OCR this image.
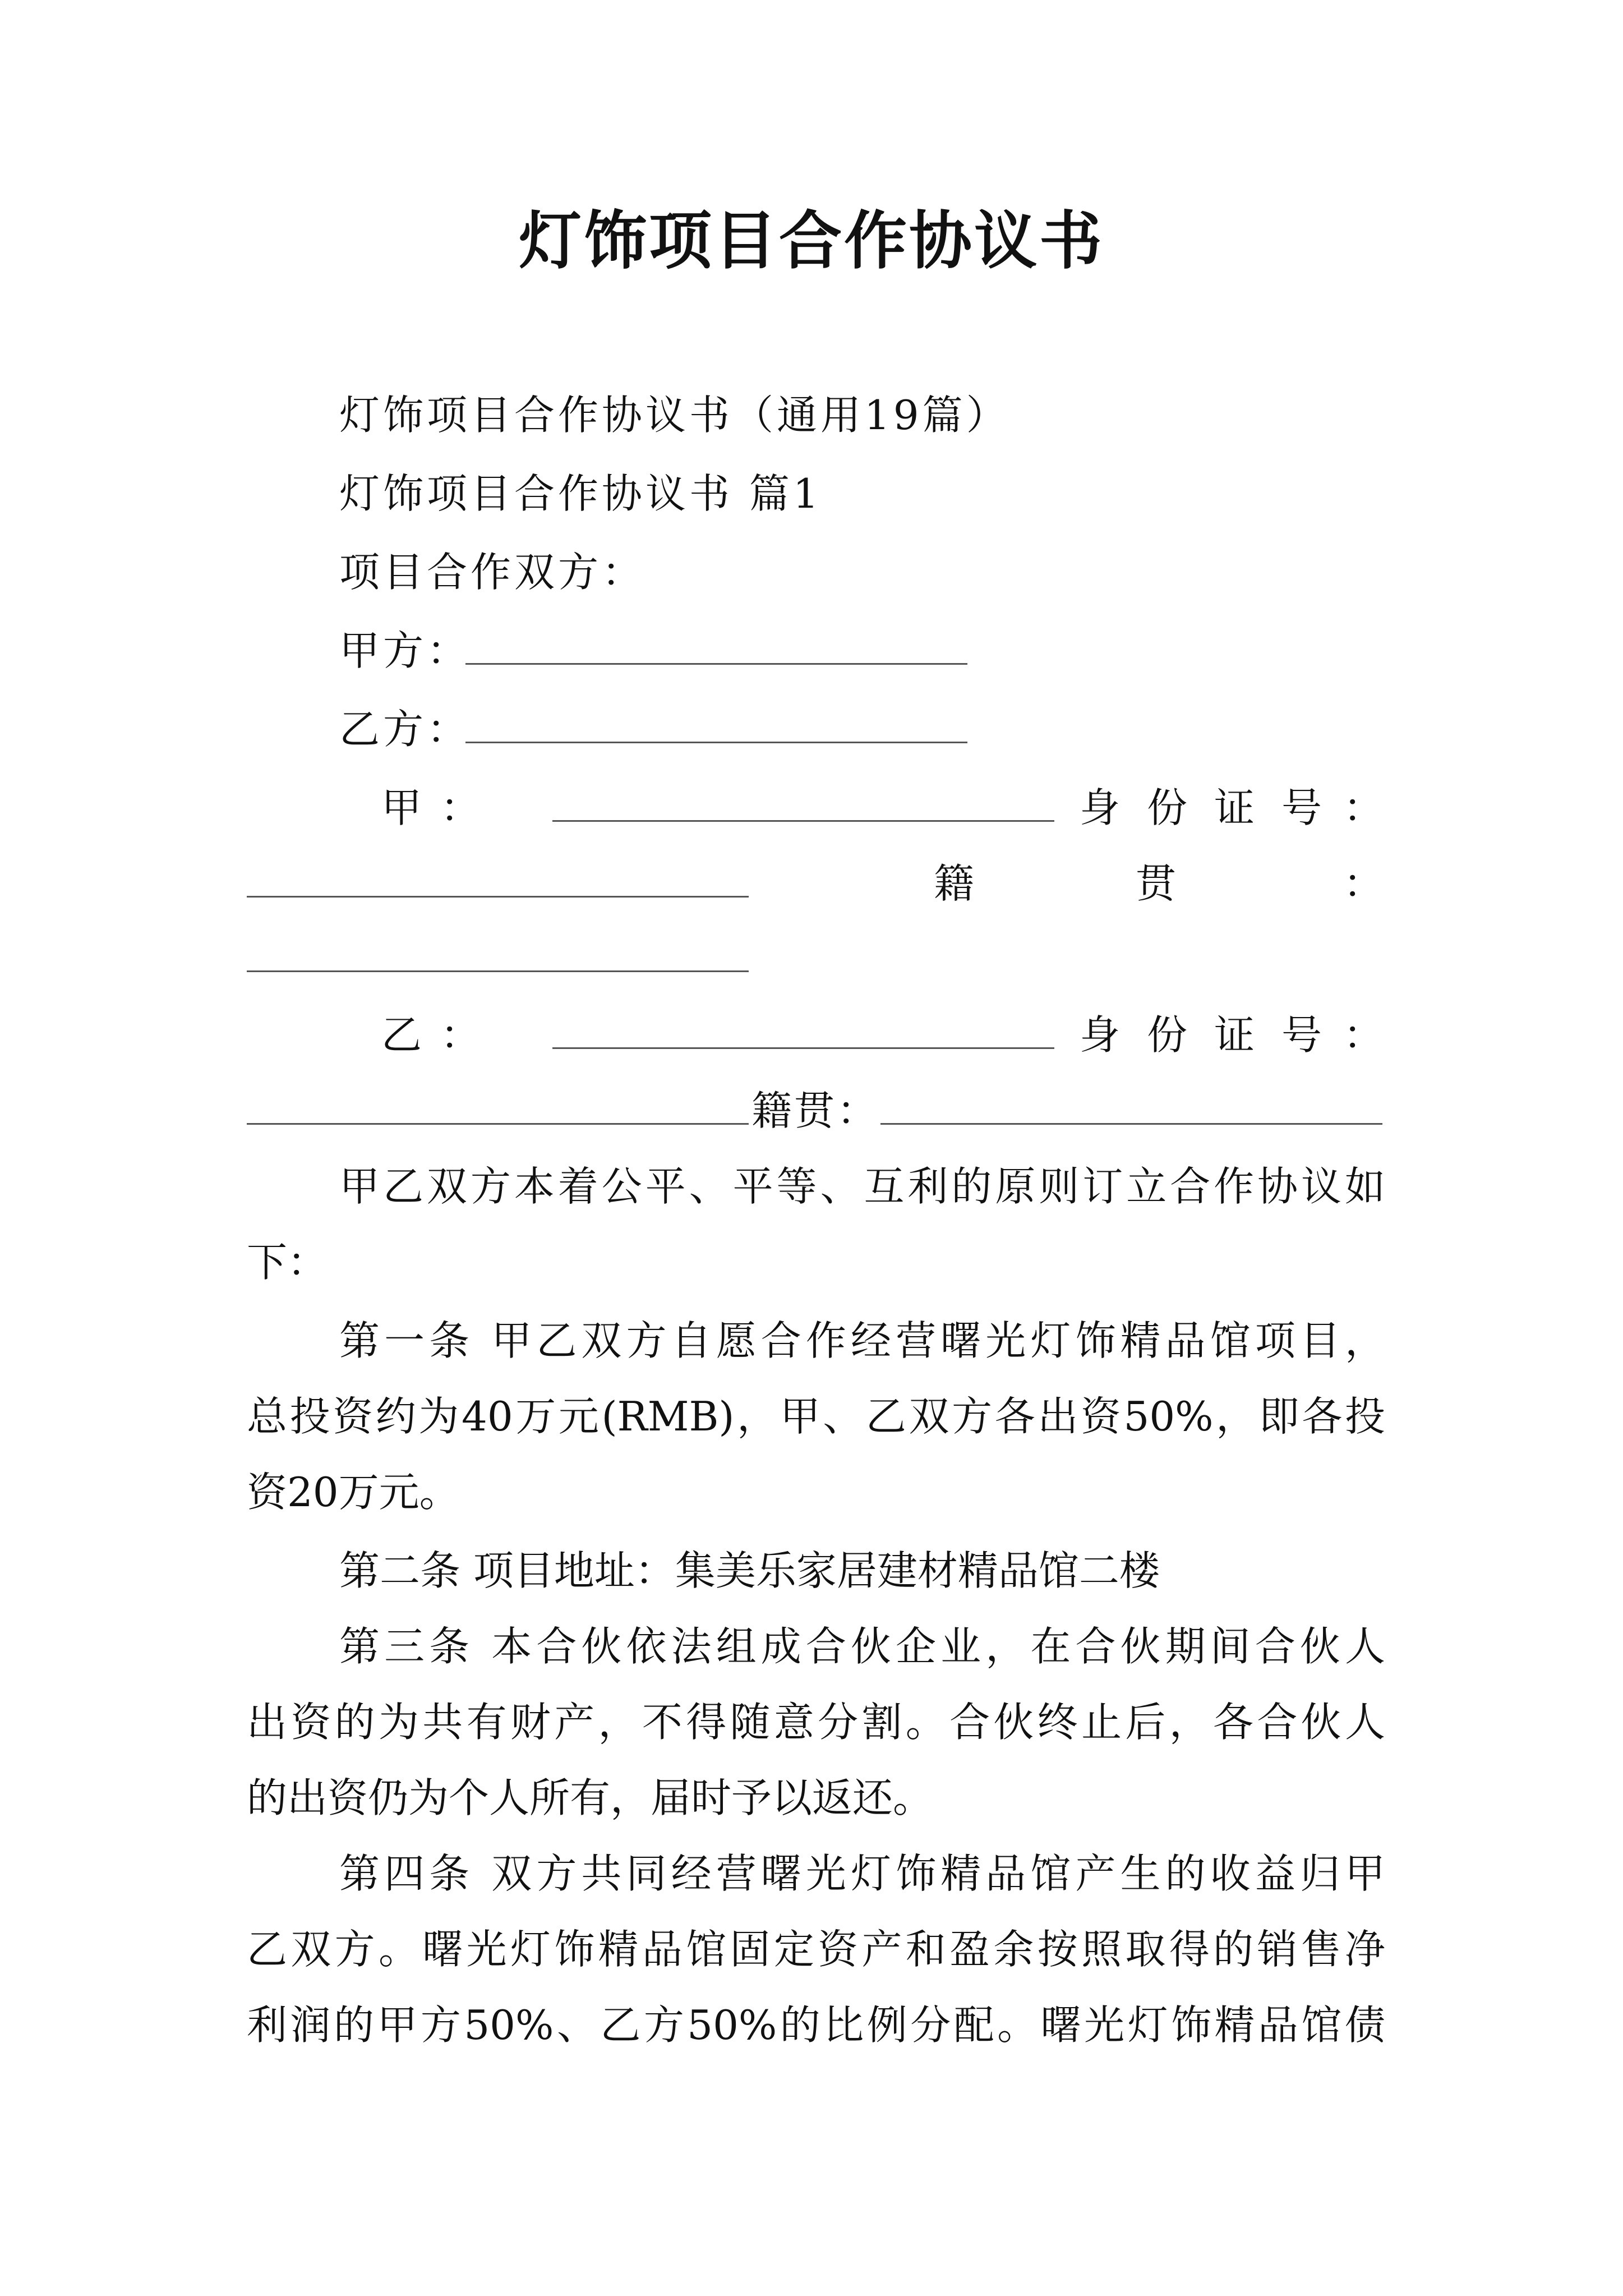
灯饰项目合作协议书
灯饰项目合作协议书（通用19篇）
灯饰项目合作协议书 篇1
项目合作双方：
甲方：
乙方：
甲 ：	身 份 证 号 ：
籍	贯	：
乙 ：	身 份 证 号 ：
籍贯：
甲乙双方本着公平、平等、互利的原则订立合作协议如
下：
第一条 甲乙双方自愿合作经营曙光灯饰精品馆项目，
总投资约为40万元(RMB)，甲、乙双方各出资50%，即各投
资20万元。
第二条 项目地址：集美乐家居建材精品馆二楼
第三条 本合伙依法组成合伙企业，在合伙期间合伙人
出资的为共有财产，不得随意分割。合伙终止后，各合伙人
的出资仍为个人所有，届时予以返还。
第四条 双方共同经营曙光灯饰精品馆产生的收益归甲
乙双方。曙光灯饰精品馆固定资产和盈余按照取得的销售净
利润的甲方50%、乙方50%的比例分配。曙光灯饰精品馆债
